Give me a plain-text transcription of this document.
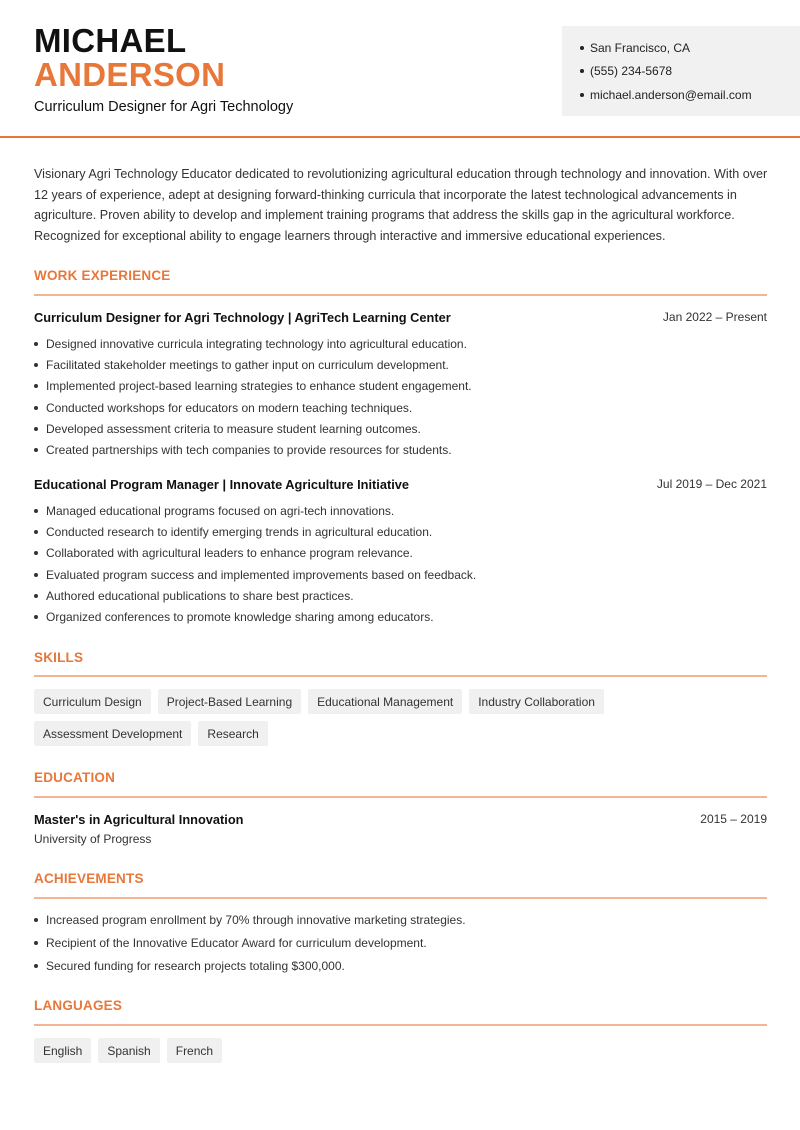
MICHAEL
ANDERSON
Curriculum Designer for Agri Technology
San Francisco, CA
(555) 234-5678
michael.anderson@email.com

Visionary Agri Technology Educator dedicated to revolutionizing agricultural education through technology and innovation. With over 12 years of experience, adept at designing forward-thinking curricula that incorporate the latest technological advancements in agriculture. Proven ability to develop and implement training programs that address the skills gap in the agricultural workforce. Recognized for exceptional ability to engage learners through interactive and immersive educational experiences.

WORK EXPERIENCE
Curriculum Designer for Agri Technology | AgriTech Learning Center	Jan 2022 – Present
Designed innovative curricula integrating technology into agricultural education.
Facilitated stakeholder meetings to gather input on curriculum development.
Implemented project-based learning strategies to enhance student engagement.
Conducted workshops for educators on modern teaching techniques.
Developed assessment criteria to measure student learning outcomes.
Created partnerships with tech companies to provide resources for students.
Educational Program Manager | Innovate Agriculture Initiative	Jul 2019 – Dec 2021
Managed educational programs focused on agri-tech innovations.
Conducted research to identify emerging trends in agricultural education.
Collaborated with agricultural leaders to enhance program relevance.
Evaluated program success and implemented improvements based on feedback.
Authored educational publications to share best practices.
Organized conferences to promote knowledge sharing among educators.
SKILLS
Curriculum Design	Project-Based Learning	Educational Management	Industry Collaboration
Assessment Development	Research
EDUCATION
Master's in Agricultural Innovation	2015 – 2019
University of Progress
ACHIEVEMENTS
Increased program enrollment by 70% through innovative marketing strategies.
Recipient of the Innovative Educator Award for curriculum development.
Secured funding for research projects totaling $300,000.
LANGUAGES
English	Spanish	French
